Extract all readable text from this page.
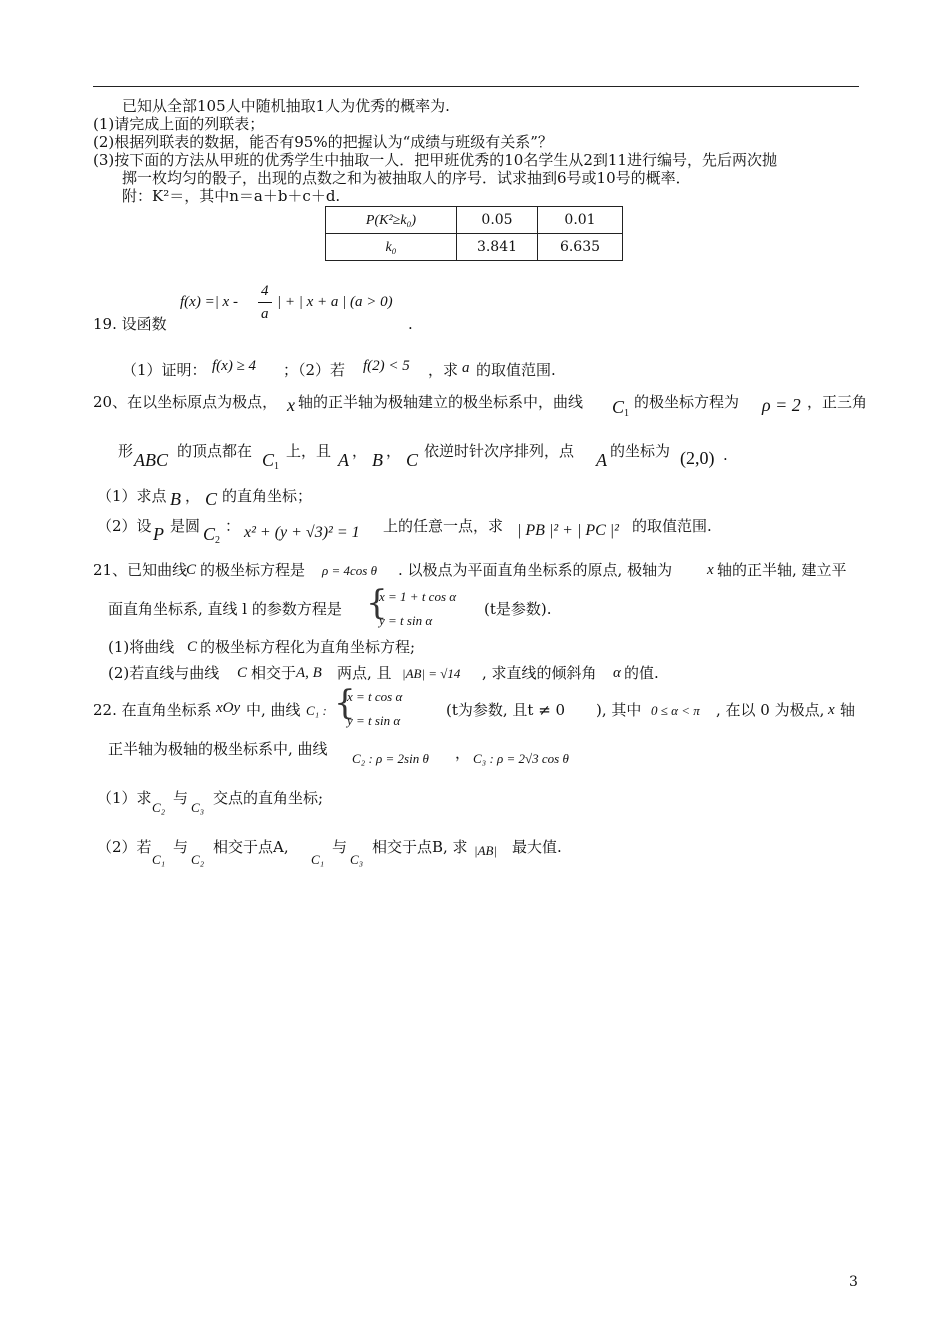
已知从全部105人中随机抽取1人为优秀的概率为.
(1)请完成上面的列联表；
(2)根据列联表的数据，能否有95%的把握认为“成绩与班级有关系”？
(3)按下面的方法从甲班的优秀学生中抽取一人．把甲班优秀的10名学生从2到11进行编号，先后两次抛
掷一枚均匀的骰子，出现的点数之和为被抽取人的序号．试求抽到6号或10号的概率．
附：K²＝，其中n＝a＋b＋c＋d.
P(K²≥k₀)	0.05	0.01
k₀	3.841	6.635
19. 设函数
f(x) =| x -
4
a
| + | x + a | (a > 0)
.
（1）证明： f(x) ≥ 4 ；（2）若 f(2) < 5 ，求 a 的取值范围.
20、在以坐标原点为极点， x 轴的正半轴为极轴建立的极坐标系中，曲线 $C_1$
的极坐标方程为 ρ = 2 ，正三角
形 ABC 的顶点都在 $C_1$
上，且 A ， B ， C 依逆时针次序排列，点 A 的坐标为 (2,0) .
（1）求点 B ， C 的直角坐标；
（2）设 P 是圆 $C_2$
： x² + (y + √3)² = 1 上的任意一点，求 | PB |² + | PC |² 的取值范围.
21、已知曲线
C 的极坐标方程是 ρ = 4cos θ . 以极点为平面直角坐标系的原点, 极轴为 x 轴的正半轴, 建立平
面直角坐标系, 直线 l 的参数方程是 {
x = 1 + t cos α
y = t sin α
(t是参数).
(1)将曲线 C 的极坐标方程化为直角坐标方程;
(2)若直线与曲线 C 相交于 A, B 两点, 且 |AB| = √14 , 求直线的倾斜角 α 的值.
22. 在直角坐标系 xOy 中, 曲线 C₁ : {
x = t cos α
y = t sin α
(t为参数, 且t ≠ 0 ), 其中 0 ≤ α < π , 在以 0 为极点, x 轴
正半轴为极轴的极坐标系中, 曲线
C₂ : ρ = 2sin θ ， C₃ : ρ = 2√3 cos θ
（1）求
C₂
与
C₃
交点的直角坐标;
（2）若
C₁
与
C₂
相交于点A,
C₁
与
C₃
相交于点B, 求 |AB| 最大值.
3
